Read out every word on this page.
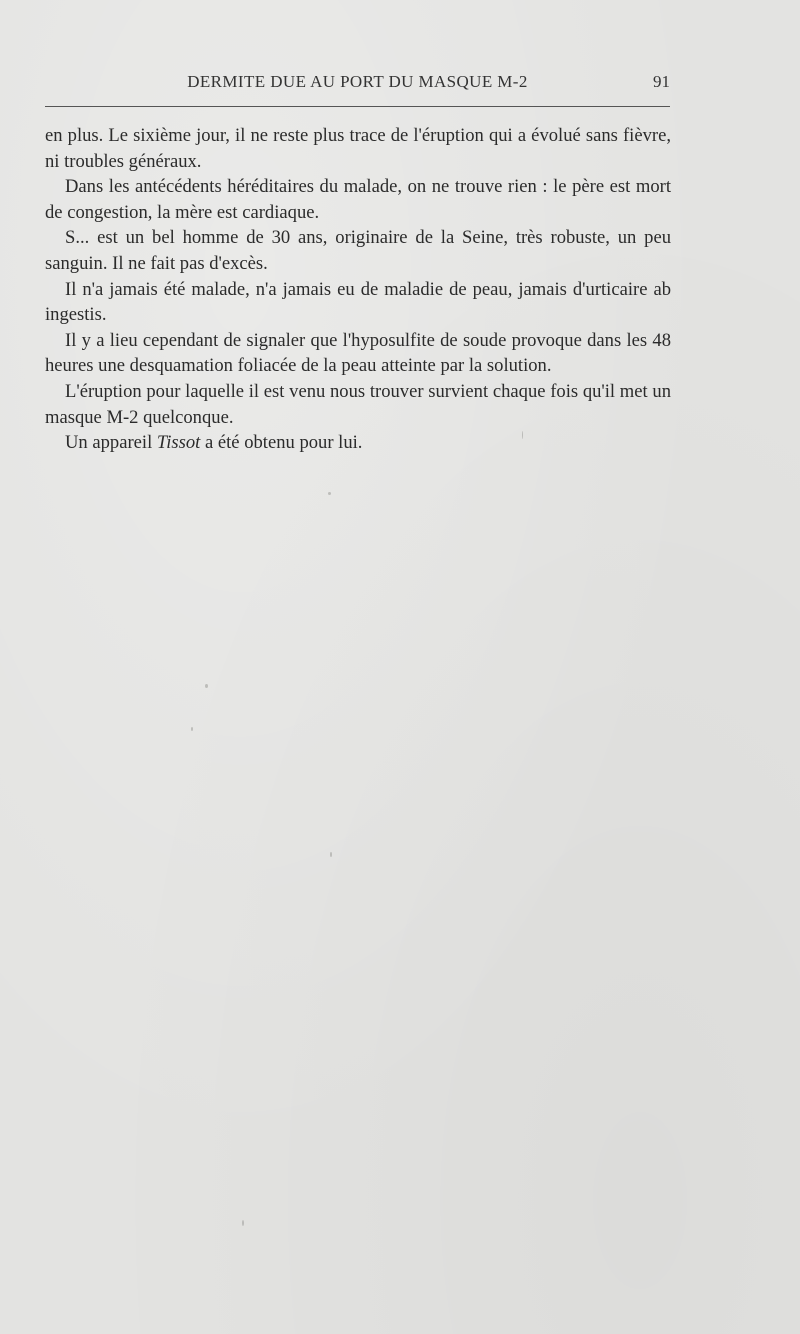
DERMITE DUE AU PORT DU MASQUE M-2	91

en plus. Le sixième jour, il ne reste plus trace de l'éruption qui a évolué sans fièvre, ni troubles généraux.

Dans les antécédents héréditaires du malade, on ne trouve rien : le père est mort de congestion, la mère est cardiaque.

S... est un bel homme de 30 ans, originaire de la Seine, très robuste, un peu sanguin. Il ne fait pas d'excès.

Il n'a jamais été malade, n'a jamais eu de maladie de peau, jamais d'urticaire ab ingestis.

Il y a lieu cependant de signaler que l'hyposulfite de soude provoque dans les 48 heures une desquamation foliacée de la peau atteinte par la solution.

L'éruption pour laquelle il est venu nous trouver survient chaque fois qu'il met un masque M-2 quelconque.

Un appareil Tissot a été obtenu pour lui.
